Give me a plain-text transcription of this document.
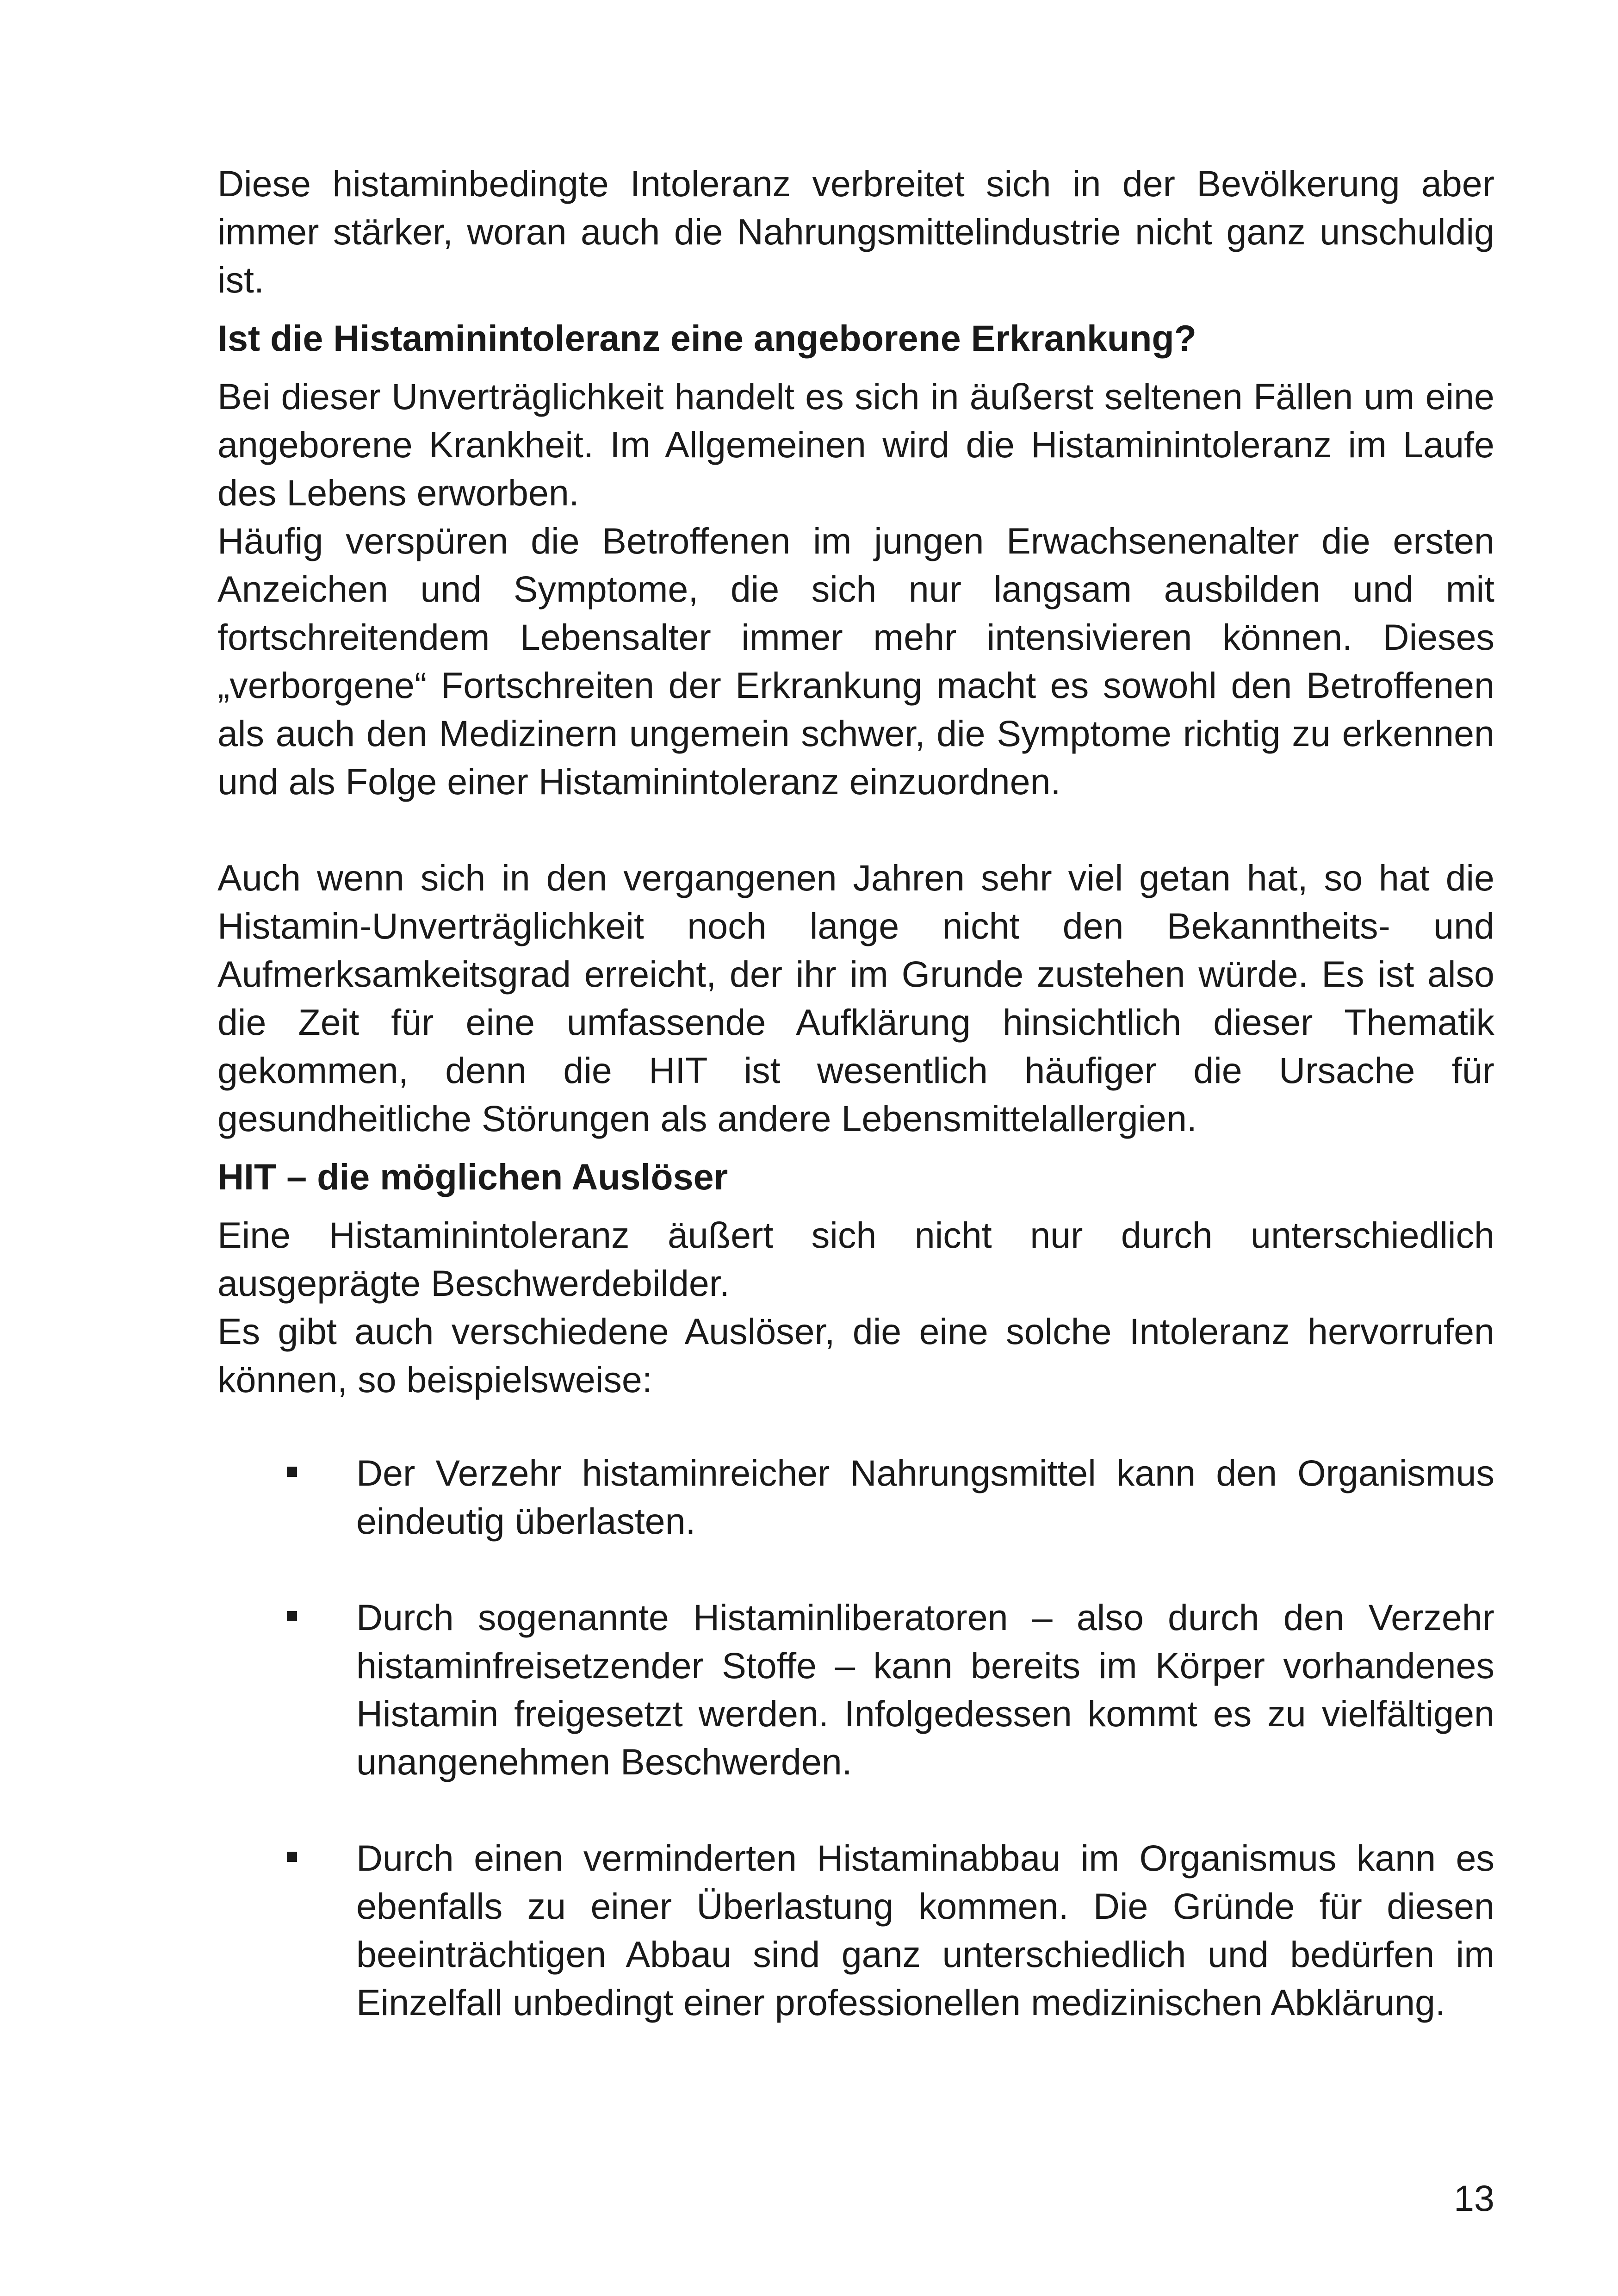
Diese histaminbedingte Intoleranz verbreitet sich in der Bevölkerung aber immer stärker, woran auch die Nahrungsmittelindustrie nicht ganz unschuldig ist.

Ist die Histaminintoleranz eine angeborene Erkrankung?

Bei dieser Unverträglichkeit handelt es sich in äußerst seltenen Fällen um eine angeborene Krankheit. Im Allgemeinen wird die Histaminintoleranz im Laufe des Lebens erworben.

Häufig verspüren die Betroffenen im jungen Erwachsenenalter die ersten Anzeichen und Symptome, die sich nur langsam ausbilden und mit fortschreitendem Lebensalter immer mehr intensivieren können. Dieses „verborgene“ Fortschreiten der Erkrankung macht es sowohl den Betroffenen als auch den Medizinern ungemein schwer, die Symptome richtig zu erkennen und als Folge einer Histaminintoleranz einzuordnen.

Auch wenn sich in den vergangenen Jahren sehr viel getan hat, so hat die Histamin-Unverträglichkeit noch lange nicht den Bekanntheits- und Aufmerksamkeitsgrad erreicht, der ihr im Grunde zustehen würde. Es ist also die Zeit für eine umfassende Aufklärung hinsichtlich dieser Thematik gekommen, denn die HIT ist wesentlich häufiger die Ursache für gesundheitliche Störungen als andere Lebensmittelallergien.

HIT – die möglichen Auslöser

Eine Histaminintoleranz äußert sich nicht nur durch unterschiedlich ausgeprägte Beschwerdebilder.

Es gibt auch verschiedene Auslöser, die eine solche Intoleranz hervorrufen können, so beispielsweise:

Der Verzehr histaminreicher Nahrungsmittel kann den Organismus eindeutig überlasten.
Durch sogenannte Histaminliberatoren – also durch den Verzehr histaminfreisetzender Stoffe – kann bereits im Körper vorhandenes Histamin freigesetzt werden. Infolgedessen kommt es zu vielfältigen unangenehmen Beschwerden.
Durch einen verminderten Histaminabbau im Organismus kann es ebenfalls zu einer Überlastung kommen. Die Gründe für diesen beeinträchtigen Abbau sind ganz unterschiedlich und bedürfen im Einzelfall unbedingt einer professionellen medizinischen Abklärung.
13
